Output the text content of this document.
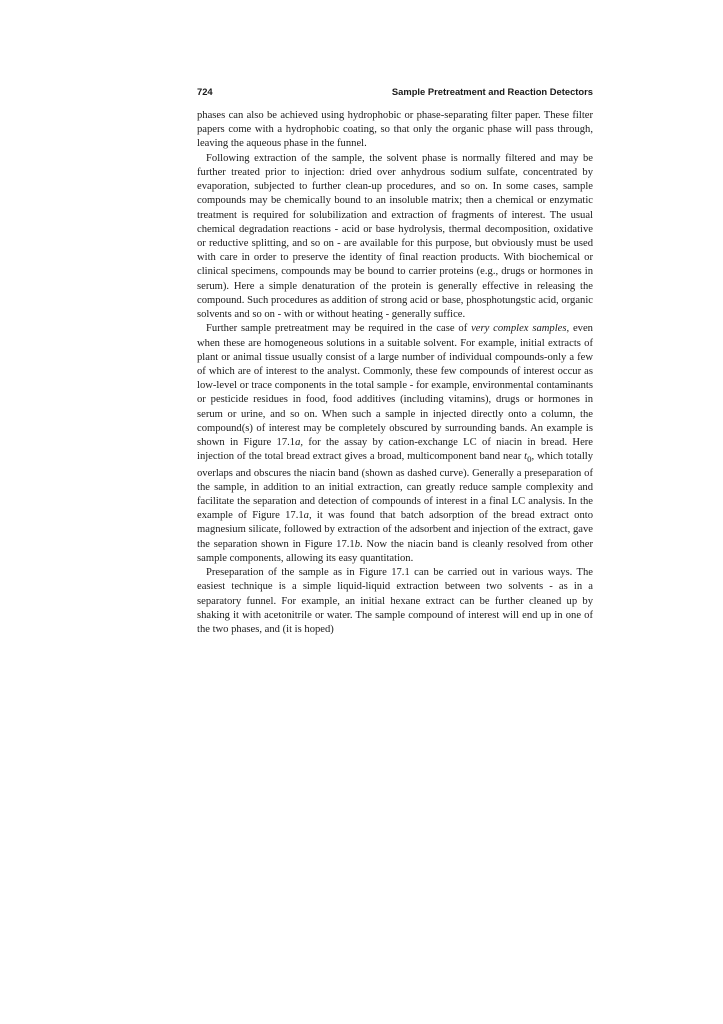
724	Sample Pretreatment and Reaction Detectors

phases can also be achieved using hydrophobic or phase-separating filter paper. These filter papers come with a hydrophobic coating, so that only the organic phase will pass through, leaving the aqueous phase in the funnel.

Following extraction of the sample, the solvent phase is normally filtered and may be further treated prior to injection: dried over anhydrous sodium sulfate, concentrated by evaporation, subjected to further clean-up procedures, and so on. In some cases, sample compounds may be chemically bound to an insoluble matrix; then a chemical or enzymatic treatment is required for solubilization and extraction of fragments of interest. The usual chemical degradation reactions - acid or base hydrolysis, thermal decomposition, oxidative or reductive splitting, and so on - are available for this purpose, but obviously must be used with care in order to preserve the identity of final reaction products. With biochemical or clinical specimens, compounds may be bound to carrier proteins (e.g., drugs or hormones in serum). Here a simple denaturation of the protein is generally effective in releasing the compound. Such procedures as addition of strong acid or base, phosphotungstic acid, organic solvents and so on - with or without heating - generally suffice.

Further sample pretreatment may be required in the case of very complex samples, even when these are homogeneous solutions in a suitable solvent. For example, initial extracts of plant or animal tissue usually consist of a large number of individual compounds-only a few of which are of interest to the analyst. Commonly, these few compounds of interest occur as low-level or trace components in the total sample - for example, environmental contaminants or pesticide residues in food, food additives (including vitamins), drugs or hormones in serum or urine, and so on. When such a sample in injected directly onto a column, the compound(s) of interest may be completely obscured by surrounding bands. An example is shown in Figure 17.1a, for the assay by cation-exchange LC of niacin in bread. Here injection of the total bread extract gives a broad, multicomponent band near $t_0$, which totally overlaps and obscures the niacin band (shown as dashed curve). Generally a preseparation of the sample, in addition to an initial extraction, can greatly reduce sample complexity and facilitate the separation and detection of compounds of interest in a final LC analysis. In the example of Figure 17.1a, it was found that batch adsorption of the bread extract onto magnesium silicate, followed by extraction of the adsorbent and injection of the extract, gave the separation shown in Figure 17.1b. Now the niacin band is cleanly resolved from other sample components, allowing its easy quantitation.

Preseparation of the sample as in Figure 17.1 can be carried out in various ways. The easiest technique is a simple liquid-liquid extraction between two solvents - as in a separatory funnel. For example, an initial hexane extract can be further cleaned up by shaking it with acetonitrile or water. The sample compound of interest will end up in one of the two phases, and (it is hoped)
